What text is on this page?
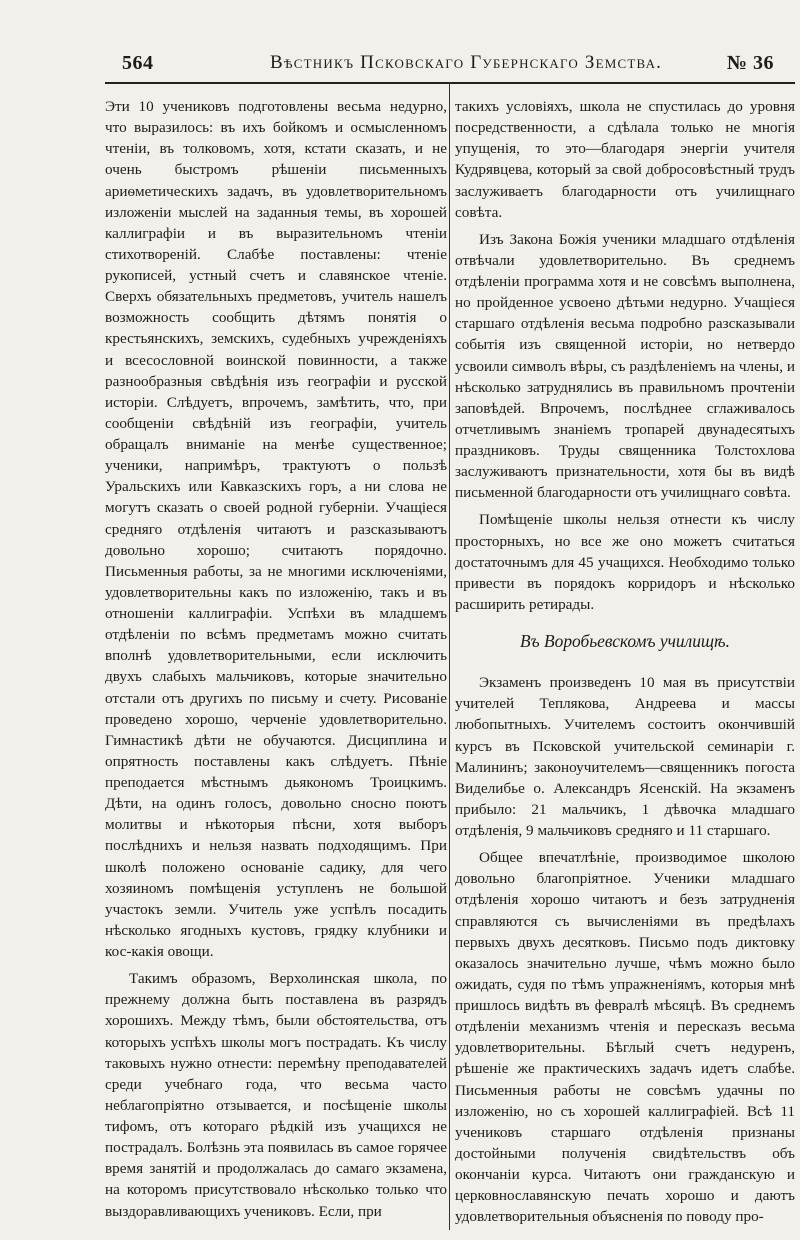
564	Вѣстникъ Псковскаго Губернскаго Земства.	№ 36

Эти 10 учениковъ подготовлены весьма недурно, что выразилось: въ ихъ бойкомъ и осмысленномъ чтеніи, въ толковомъ, хотя, кстати сказать, и не очень быстромъ рѣшеніи письменныхъ ариѳметическихъ задачъ, въ удовлетворительномъ изложеніи мыслей на заданныя темы, въ хорошей каллиграфіи и въ выразительномъ чтеніи стихотвореній. Слабѣе поставлены: чтеніе рукописей, устный счетъ и славянское чтеніе. Сверхъ обязательныхъ предметовъ, учитель нашелъ возможность сообщить дѣтямъ понятія о крестьянскихъ, земскихъ, судебныхъ учрежденіяхъ и всесословной воинской повинности, а также разнообразныя свѣдѣнія изъ географіи и русской исторіи. Слѣдуетъ, впрочемъ, замѣтить, что, при сообщеніи свѣдѣній изъ географіи, учитель обращалъ вниманіе на менѣе существенное; ученики, напримѣръ, трактуютъ о пользѣ Уральскихъ или Кавказскихъ горъ, а ни слова не могутъ сказать о своей родной губерніи. Учащіеся средняго отдѣленія читаютъ и разсказываютъ довольно хорошо; считаютъ порядочно. Письменныя работы, за не многими исключеніями, удовлетворительны какъ по изложенію, такъ и въ отношеніи каллиграфіи. Успѣхи въ младшемъ отдѣленіи по всѣмъ предметамъ можно считать вполнѣ удовлетворительными, если исключить двухъ слабыхъ мальчиковъ, которые значительно отстали отъ другихъ по письму и счету. Рисованіе проведено хорошо, черченіе удовлетворительно. Гимнастикѣ дѣти не обучаются. Дисциплина и опрятность поставлены какъ слѣдуетъ. Пѣніе преподается мѣстнымъ дьякономъ Троицкимъ. Дѣти, на одинъ голосъ, довольно сносно поютъ молитвы и нѣкоторыя пѣсни, хотя выборъ послѣднихъ и нельзя назвать подходящимъ. При школѣ положено основаніе садику, для чего хозяиномъ помѣщенія уступленъ не большой участокъ земли. Учитель уже успѣлъ посадить нѣсколько ягодныхъ кустовъ, грядку клубники и кос-какія овощи.

Такимъ образомъ, Верхолинская школа, по прежнему должна быть поставлена въ разрядъ хорошихъ. Между тѣмъ, были обстоятельства, отъ которыхъ успѣхъ школы могъ пострадать. Къ числу таковыхъ нужно отнести: перемѣну преподавателей среди учебнаго года, что весьма часто неблагопріятно отзывается, и посѣщеніе школы тифомъ, отъ котораго рѣдкій изъ учащихся не пострадалъ. Болѣзнь эта появилась въ самое горячее время занятій и продолжалась до самаго экзамена, на которомъ присутствовало нѣсколько только что выздоравливающихъ учениковъ. Если, при

такихъ условіяхъ, школа не спустилась до уровня посредственности, а сдѣлала только не многія упущенія, то это—благодаря энергіи учителя Кудрявцева, который за свой добросовѣстный трудъ заслуживаетъ благодарности отъ училищнаго совѣта.

Изъ Закона Божія ученики младшаго отдѣленія отвѣчали удовлетворительно. Въ среднемъ отдѣленіи программа хотя и не совсѣмъ выполнена, но пройденное усвоено дѣтьми недурно. Учащіеся старшаго отдѣленія весьма подробно разсказывали событія изъ священной исторіи, но нетвердо усвоили символъ вѣры, съ раздѣленіемъ на члены, и нѣсколько затруднялись въ правильномъ прочтеніи заповѣдей. Впрочемъ, послѣднее сглаживалось отчетливымъ знаніемъ тропарей двунадесятыхъ праздниковъ. Труды священника Толстохлова заслуживаютъ признательности, хотя бы въ видѣ письменной благодарности отъ училищнаго совѣта.

Помѣщеніе школы нельзя отнести къ числу просторныхъ, но все же оно можетъ считаться достаточнымъ для 45 учащихся. Необходимо только привести въ порядокъ корридоръ и нѣсколько расширить ретирады.

Въ Воробьевскомъ училищѣ.

Экзаменъ произведенъ 10 мая въ присутствіи учителей Теплякова, Андреева и массы любопытныхъ. Учителемъ состоитъ окончившій курсъ въ Псковской учительской семинаріи г. Малининъ; законоучителемъ—священникъ погоста Виделибье о. Александръ Ясенскій. На экзаменъ прибыло: 21 мальчикъ, 1 дѣвочка младшаго отдѣленія, 9 мальчиковъ средняго и 11 старшаго.

Общее впечатлѣніе, производимое школою довольно благопріятное. Ученики младшаго отдѣленія хорошо читаютъ и безъ затрудненія справляются съ вычисленіями въ предѣлахъ первыхъ двухъ десятковъ. Письмо подъ диктовку оказалось значительно лучше, чѣмъ можно было ожидать, судя по тѣмъ упражненіямъ, которыя мнѣ пришлось видѣть въ февралѣ мѣсяцѣ. Въ среднемъ отдѣленіи механизмъ чтенія и пересказъ весьма удовлетворительны. Бѣглый счетъ недуренъ, рѣшеніе же практическихъ задачъ идетъ слабѣе. Письменныя работы не совсѣмъ удачны по изложенію, но съ хорошей каллиграфіей. Всѣ 11 учениковъ старшаго отдѣленія признаны достойными полученія свидѣтельствъ объ окончаніи курса. Читаютъ они гражданскую и церковнославянскую печать хорошо и даютъ удовлетворительныя объясненія по поводу про-
